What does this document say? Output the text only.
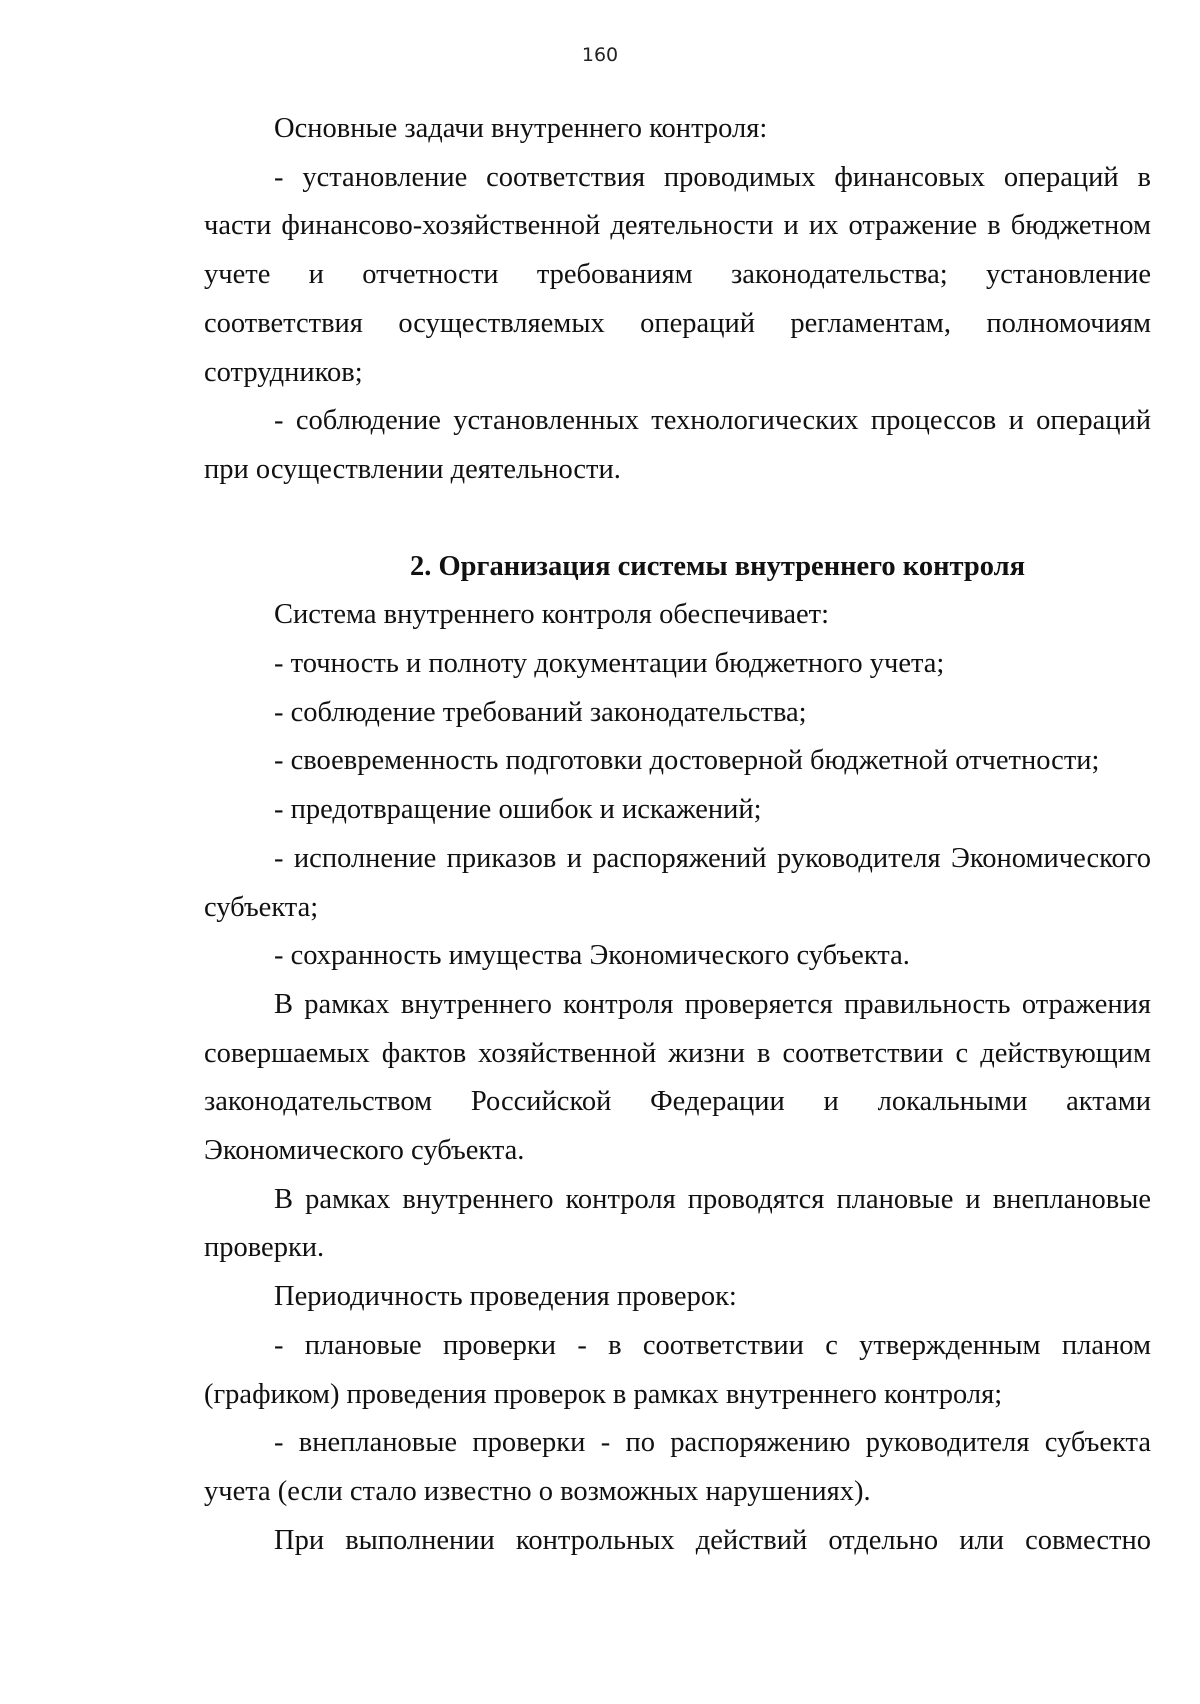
160

Основные задачи внутреннего контроля:

- установление соответствия проводимых финансовых операций в части финансово-хозяйственной деятельности и их отражение в бюджетном учете и отчетности требованиям законодательства; установление соответствия осуществляемых операций регламентам, полномочиям сотрудников;

- соблюдение установленных технологических процессов и операций при осуществлении деятельности.

2. Организация системы внутреннего контроля

Система внутреннего контроля обеспечивает:

- точность и полноту документации бюджетного учета;

- соблюдение требований законодательства;

- своевременность подготовки достоверной бюджетной отчетности;

- предотвращение ошибок и искажений;

- исполнение приказов и распоряжений руководителя Экономического субъекта;

- сохранность имущества Экономического субъекта.

В рамках внутреннего контроля проверяется правильность отражения совершаемых фактов хозяйственной жизни в соответствии с действующим законодательством Российской Федерации и локальными актами Экономического субъекта.

В рамках внутреннего контроля проводятся плановые и внеплановые проверки.

Периодичность проведения проверок:

- плановые проверки - в соответствии с утвержденным планом (графиком) проведения проверок в рамках внутреннего контроля;

- внеплановые проверки - по распоряжению руководителя субъекта учета (если стало известно о возможных нарушениях).

При выполнении контрольных действий отдельно или совместно
